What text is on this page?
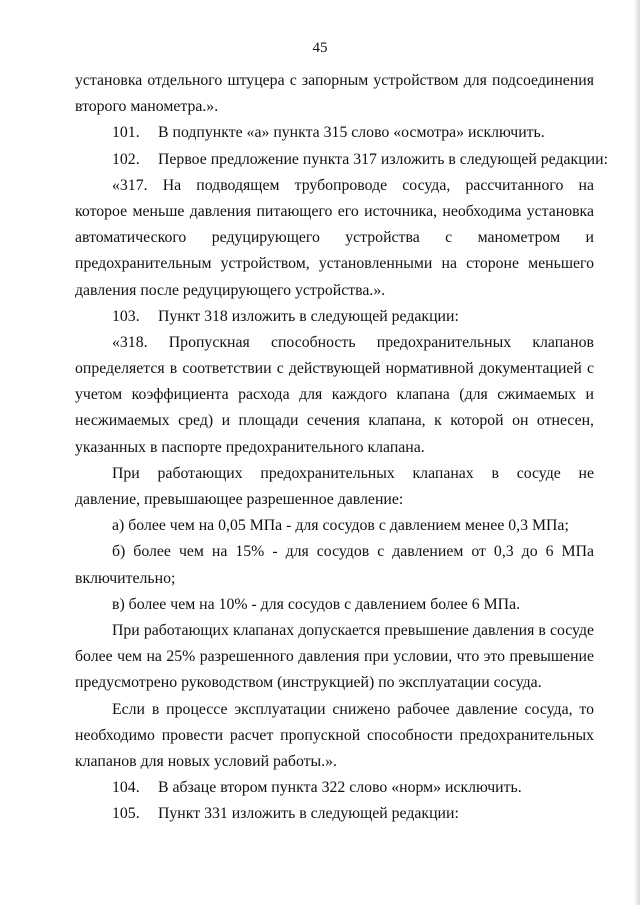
45
установка отдельного штуцера с запорным устройством для подсоединения
второго манометра.».
101. В подпункте «а» пункта 315 слово «осмотра» исключить.
102. Первое предложение пункта 317 изложить в следующей редакции:
«317. На подводящем трубопроводе сосуда, рассчитанного на
которое меньше давления питающего его источника, необходима установка
автоматического редуцирующего устройства с манометром и
предохранительным устройством, установленными на стороне меньшего
давления после редуцирующего устройства.».
103. Пункт 318 изложить в следующей редакции:
«318. Пропускная способность предохранительных клапанов
определяется в соответствии с действующей нормативной документацией с
учетом коэффициента расхода для каждого клапана (для сжимаемых и
несжимаемых сред) и площади сечения клапана, к которой он отнесен,
указанных в паспорте предохранительного клапана.
При работающих предохранительных клапанах в сосуде не
давление, превышающее разрешенное давление:
а) более чем на 0,05 МПа - для сосудов с давлением менее 0,3 МПа;
б) более чем на 15% - для сосудов с давлением от 0,3 до 6 МПа
включительно;
в) более чем на 10% - для сосудов с давлением более 6 МПа.
При работающих клапанах допускается превышение давления в сосуде
более чем на 25% разрешенного давления при условии, что это превышение
предусмотрено руководством (инструкцией) по эксплуатации сосуда.
Если в процессе эксплуатации снижено рабочее давление сосуда, то
необходимо провести расчет пропускной способности предохранительных
клапанов для новых условий работы.».
104. В абзаце втором пункта 322 слово «норм» исключить.
105. Пункт 331 изложить в следующей редакции:
